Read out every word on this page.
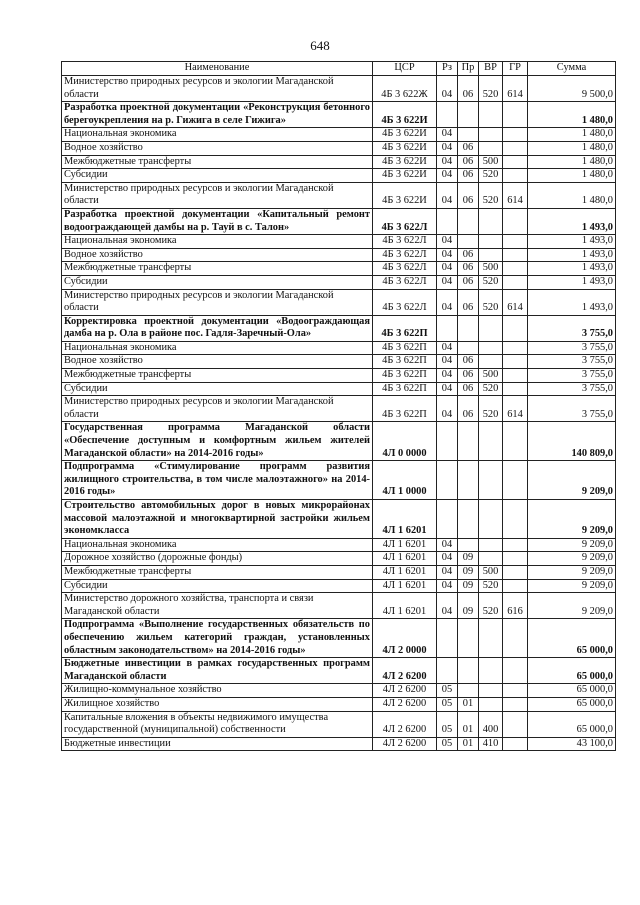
648
Наименование	ЦСР	Рз	Пр	ВР	ГР	Сумма
Министерство природных ресурсов и экологии Магаданской области	4Б 3 622Ж	04	06	520	614	9 500,0
Разработка проектной документации «Реконструкция бетонного берегоукрепления на р. Гижига в селе Гижига»	4Б 3 622И					1 480,0
Национальная экономика	4Б 3 622И	04				1 480,0
Водное хозяйство	4Б 3 622И	04	06			1 480,0
Межбюджетные трансферты	4Б 3 622И	04	06	500		1 480,0
Субсидии	4Б 3 622И	04	06	520		1 480,0
Министерство природных ресурсов и экологии Магаданской области	4Б 3 622И	04	06	520	614	1 480,0
Разработка проектной документации «Капитальный ремонт водоограждающей дамбы на р. Тауй в с. Талон»	4Б 3 622Л					1 493,0
Национальная экономика	4Б 3 622Л	04				1 493,0
Водное хозяйство	4Б 3 622Л	04	06			1 493,0
Межбюджетные трансферты	4Б 3 622Л	04	06	500		1 493,0
Субсидии	4Б 3 622Л	04	06	520		1 493,0
Министерство природных ресурсов и экологии Магаданской области	4Б 3 622Л	04	06	520	614	1 493,0
Корректировка проектной документации «Водоограждающая дамба на р. Ола в районе пос. Гадля-Заречный-Ола»	4Б 3 622П					3 755,0
Национальная экономика	4Б 3 622П	04				3 755,0
Водное хозяйство	4Б 3 622П	04	06			3 755,0
Межбюджетные трансферты	4Б 3 622П	04	06	500		3 755,0
Субсидии	4Б 3 622П	04	06	520		3 755,0
Министерство природных ресурсов и экологии Магаданской области	4Б 3 622П	04	06	520	614	3 755,0
Государственная программа Магаданской области «Обеспечение доступным и комфортным жильем жителей Магаданской области» на 2014-2016 годы»	4Л 0 0000					140 809,0
Подпрограмма «Стимулирование программ развития жилищного строительства, в том числе малоэтажного» на 2014-2016 годы»	4Л 1 0000					9 209,0
Строительство автомобильных дорог в новых микрорайонах массовой малоэтажной и многоквартирной застройки жильем экономкласса	4Л 1 6201					9 209,0
Национальная экономика	4Л 1 6201	04				9 209,0
Дорожное хозяйство (дорожные фонды)	4Л 1 6201	04	09			9 209,0
Межбюджетные трансферты	4Л 1 6201	04	09	500		9 209,0
Субсидии	4Л 1 6201	04	09	520		9 209,0
Министерство дорожного хозяйства, транспорта и связи Магаданской области	4Л 1 6201	04	09	520	616	9 209,0
Подпрограмма «Выполнение государственных обязательств по обеспечению жильем категорий граждан, установленных областным законодательством» на 2014-2016 годы»	4Л 2 0000					65 000,0
Бюджетные инвестиции в рамках государственных программ Магаданской области	4Л 2 6200					65 000,0
Жилищно-коммунальное хозяйство	4Л 2 6200	05				65 000,0
Жилищное хозяйство	4Л 2 6200	05	01			65 000,0
Капитальные вложения в объекты недвижимого имущества государственной (муниципальной) собственности	4Л 2 6200	05	01	400		65 000,0
Бюджетные инвестиции	4Л 2 6200	05	01	410		43 100,0
